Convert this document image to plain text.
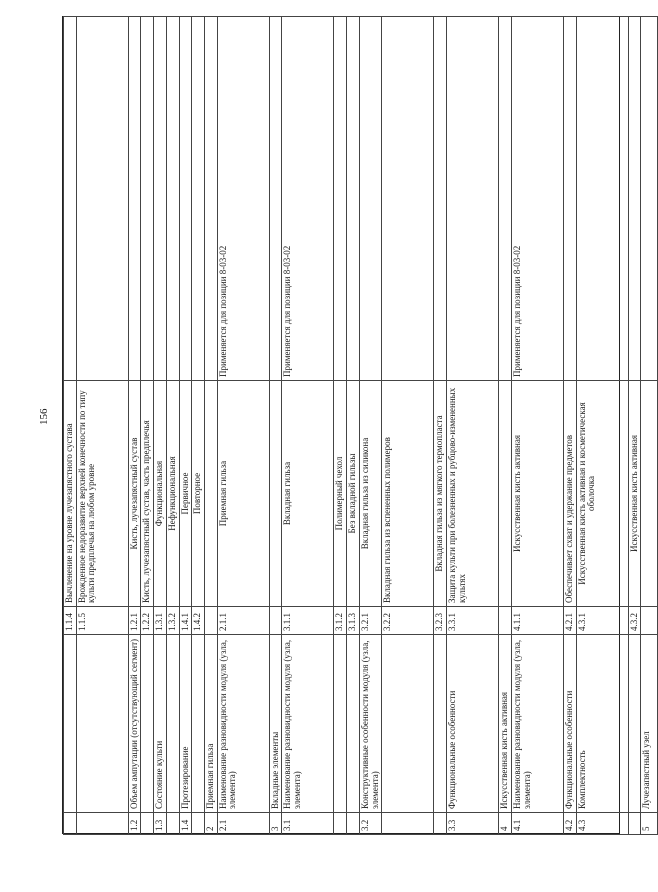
156
		1.1.4	Вычленение на уровне лучезапястного сустава	
		1.1.5	Врожденное недоразвитие верхней конечности по типу культи предплечья на любом уровне	
1.2	Объем ампутации (отсутствующий сегмент)	1.2.1	Кисть, лучезапястный сустав	
		1.2.2	Кисть, лучезапястный сустав, часть предплечья	
1.3	Состояние культи	1.3.1	Функциональная	
		1.3.2	Нефункциональная	
1.4	Протезирование	1.4.1	Первичное	
		1.4.2	Повторное	
2	Приемная гильза			
2.1	Наименование разновидности модуля (узла, элемента)	2.1.1	Приемная гильза	Применяется для позиции 8-03-02
3	Вкладные элементы			
3.1	Наименование разновидности модуля (узла, элемента)	3.1.1	Вкладная гильза	Применяется для позиции 8-03-02
		3.1.2	Полимерный чехол	
		3.1.3	Без вкладной гильзы	
3.2	Конструктивные особенности модуля (узла, элемента)	3.2.1	Вкладная гильза из силикона	
		3.2.2	Вкладная гильза из вспененных полимеров	
		3.2.3	Вкладная гильза из мягкого термопласта	
3.3	Функциональные особенности	3.3.1	Защита культи при болезненных и рубцово-измененных культях	
4	Искусственная кисть активная			
4.1	Наименование разновидности модуля (узла, элемента)	4.1.1	Искусственная кисть активная	Применяется для позиции 8-03-02
4.2	Функциональные особенности	4.2.1	Обеспечивает схват и удержание предметов	
4.3	Комплектность	4.3.1	Искусственная кисть активная и косметическая оболочка	
		4.3.2	Искусственная кисть активная	
5	Лучезапястный узел			
